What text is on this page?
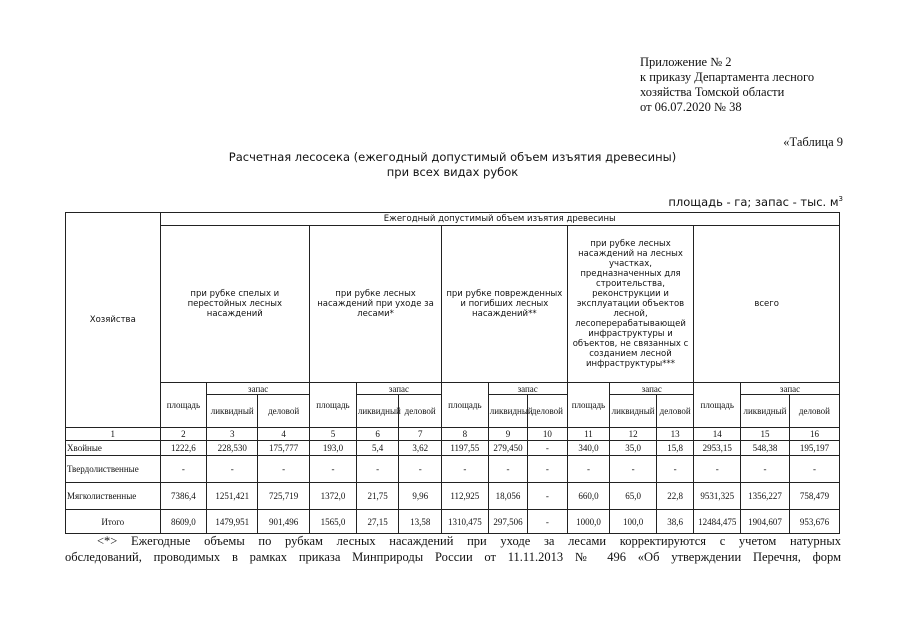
Приложение № 2
к приказу Департамента лесного
хозяйства Томской области
от 06.07.2020 № 38
«Таблица 9
Расчетная лесосека (ежегодный допустимый объем изъятия древесины)
при всех видах рубок
площадь - га; запас - тыс. $м^3$
Хозяйства	Ежегодный допустимый объем изъятия древесины														
	при рубке спелых и перестойных лесных насаждений			при рубке лесных насаждений при уходе за лесами*			при рубке поврежденных и погибших лесных насаждений**			при рубке лесных насаждений на лесных участках, предназначенных для строительства, реконструкции и эксплуатации объектов лесной, лесоперерабатывающей инфраструктуры и объектов, не связанных с созданием лесной инфраструктуры***			всего		
	площадь	запас		площадь	запас		площадь	запас		площадь	запас		площадь	запас	
		ликвидный	деловой		ликвидный	деловой		ликвидный	деловой		ликвидный	деловой		ликвидный	деловой
1	2	3	4	5	6	7	8	9	10	11	12	13	14	15	16
Хвойные	1222,6	228,530	175,777	193,0	5,4	3,62	1197,55	279,450	-	340,0	35,0	15,8	2953,15	548,38	195,197
Твердолиственные	-	-	-	-	-	-	-	-	-	-	-	-	-	-	-
Мягколиственные	7386,4	1251,421	725,719	1372,0	21,75	9,96	112,925	18,056	-	660,0	65,0	22,8	9531,325	1356,227	758,479
Итого	8609,0	1479,951	901,496	1565,0	27,15	13,58	1310,475	297,506	-	1000,0	100,0	38,6	12484,475	1904,607	953,676
<*> Ежегодные объемы по рубкам лесных насаждений при уходе за лесами корректируются с учетом натурных
обследований, проводимых в рамках приказа Минприроды России от 11.11.2013 № 496 «Об утверждении Перечня, форм
